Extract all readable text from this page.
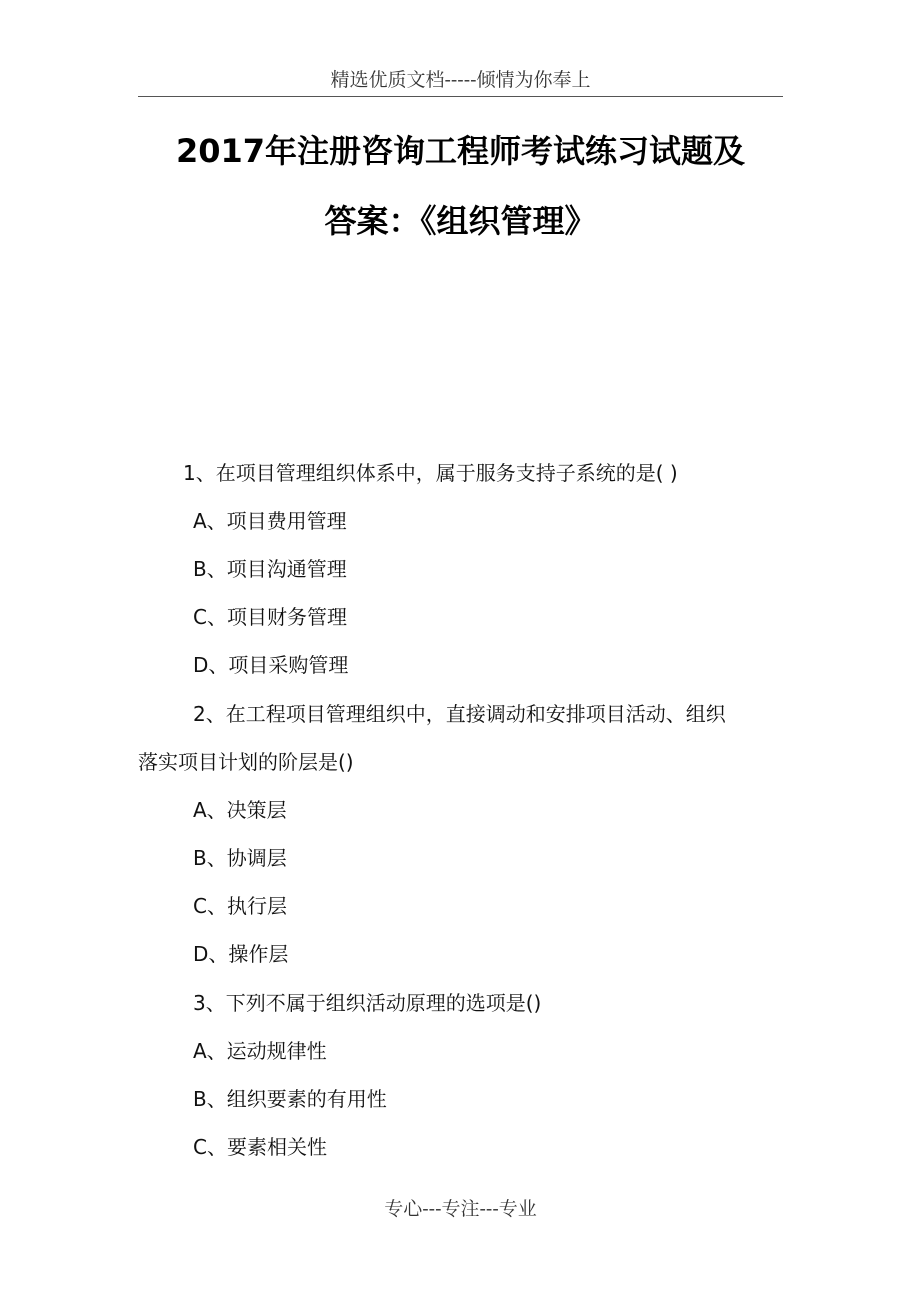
精选优质文档-----倾情为你奉上
2017年注册咨询工程师考试练习试题及
答案：《组织管理》
1、在项目管理组织体系中，属于服务支持子系统的是( )
A、项目费用管理
B、项目沟通管理
C、项目财务管理
D、项目采购管理
2、在工程项目管理组织中，直接调动和安排项目活动、组织
落实项目计划的阶层是()
A、决策层
B、协调层
C、执行层
D、操作层
3、下列不属于组织活动原理的选项是()
A、运动规律性
B、组织要素的有用性
C、要素相关性
专心---专注---专业
